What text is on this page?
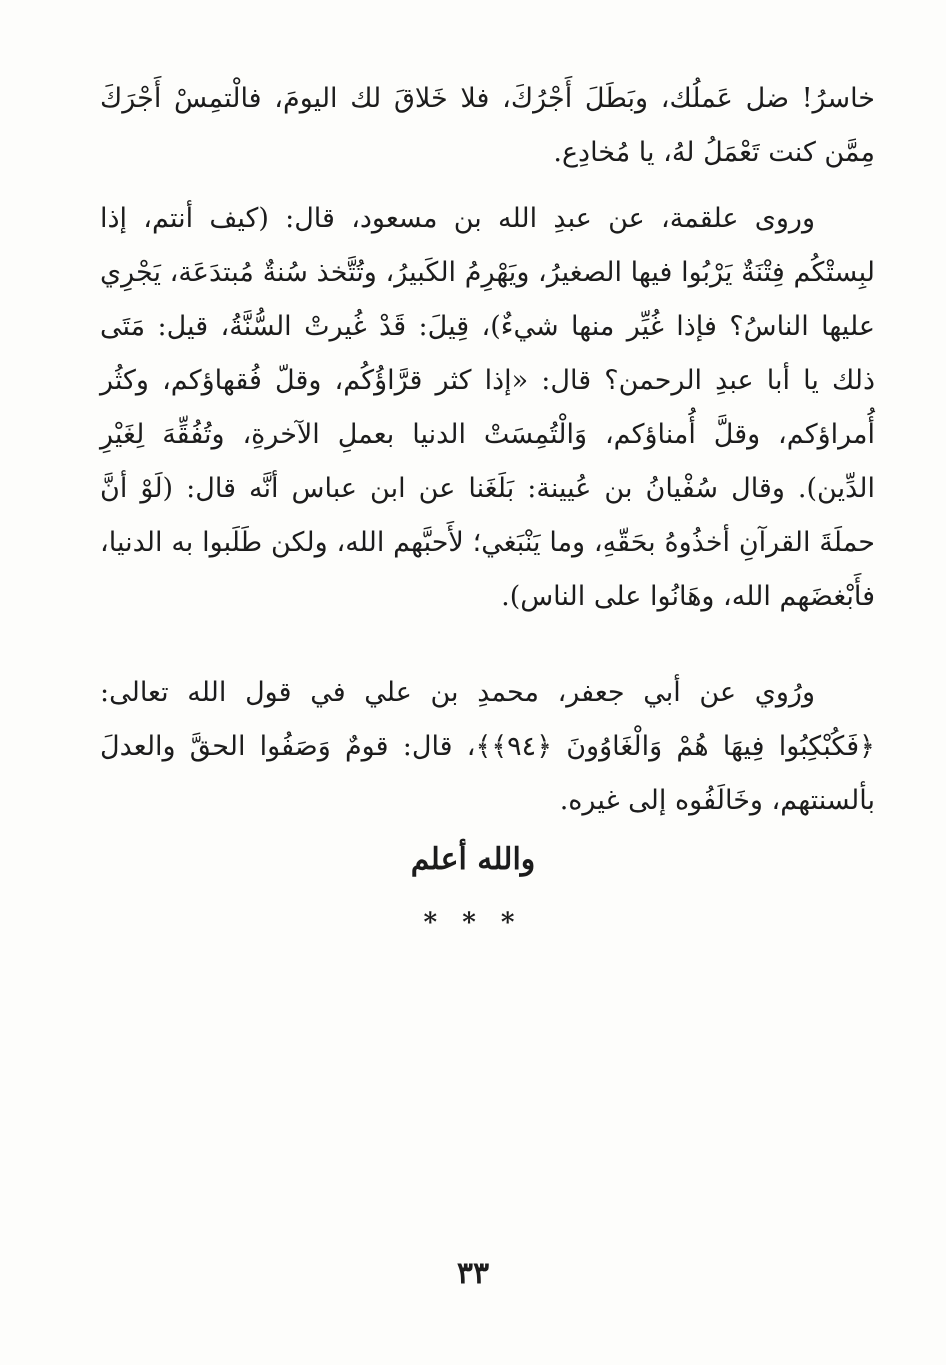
خاسرُ! ضل عَملُك، وبَطَلَ أَجْرُكَ، فلا خَلاقَ لك اليومَ، فالْتمِسْ أَجْرَكَ مِمَّن كنت تَعْمَلُ لهُ، يا مُخادِع.

وروى علقمة، عن عبدِ الله بن مسعود، قال: (كيف أنتم، إذا لبِستْكُم فِتْنَةٌ يَرْبُوا فيها الصغيرُ، ويَهْرِمُ الكَبيرُ، وتُتَّخذ سُنةٌ مُبتدَعَة، يَجْرِي عليها الناسُ؟ فإذا غُيِّر منها شيءٌ)، قِيلَ: قَدْ غُيرتْ السُّنَّةُ، قيل: مَتَى ذلك يا أبا عبدِ الرحمن؟ قال: «إذا كثر قرَّاؤُكُم، وقلّ فُقهاؤكم، وكثُر أُمراؤكم، وقلَّ أُمناؤكم، وَالْتُمِسَتْ الدنيا بعملِ الآخرةِ، وتُفُقِّهَ لِغَيْرِ الدِّين). وقال سُفْيانُ بن عُيينة: بَلَغَنا عن ابن عباس أنَّه قال: (لَوْ أنَّ حملَةَ القرآنِ أخذُوهُ بحَقّهِ، وما يَنْبَغي؛ لأَحبَّهم الله، ولكن طَلَبوا به الدنيا، فأَبْغضَهم الله، وهَانُوا على الناس).

ورُوي عن أبي جعفر، محمدِ بن علي في قول الله تعالى: ﴿فَكُبْكِبُوا فِيهَا هُمْ وَالْغَاوُونَ ﴿٩٤﴾﴾، قال: قومٌ وَصَفُوا الحقَّ والعدلَ بألسنتهم، وخَالَفُوه إلى غيره.

والله أعلم
* * *
٣٣
